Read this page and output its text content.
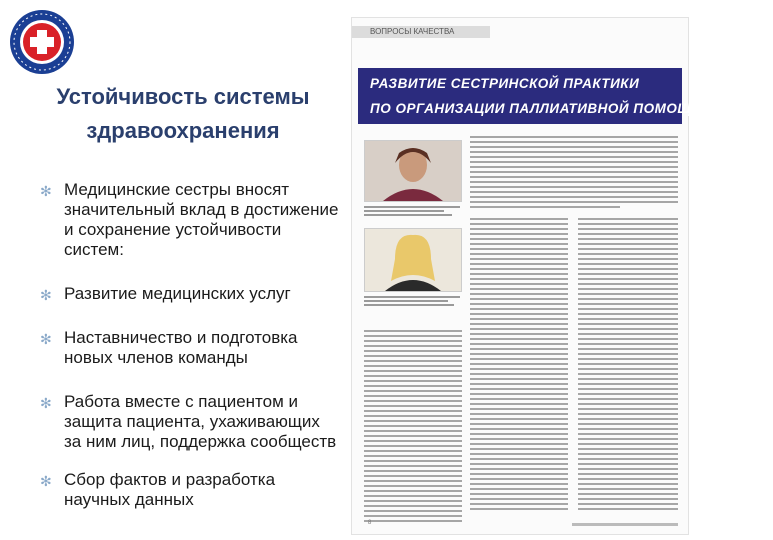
Устойчивость системы здравоохранения
✻ Медицинские сестры вносят значительный вклад в достижение и сохранение устойчивости систем:
✻ Развитие медицинских услуг
✻ Наставничество и подготовка новых членов команды
✻ Работа вместе с пациентом и защита пациента, ухаживающих за ним лиц, поддержка сообществ
✻ Сбор фактов и разработка научных данных
ВОПРОСЫ КАЧЕСТВА
РАЗВИТИЕ СЕСТРИНСКОЙ ПРАКТИКИ
ПО ОРГАНИЗАЦИИ ПАЛЛИАТИВНОЙ ПОМОЩИ НА ДОМУ
8
